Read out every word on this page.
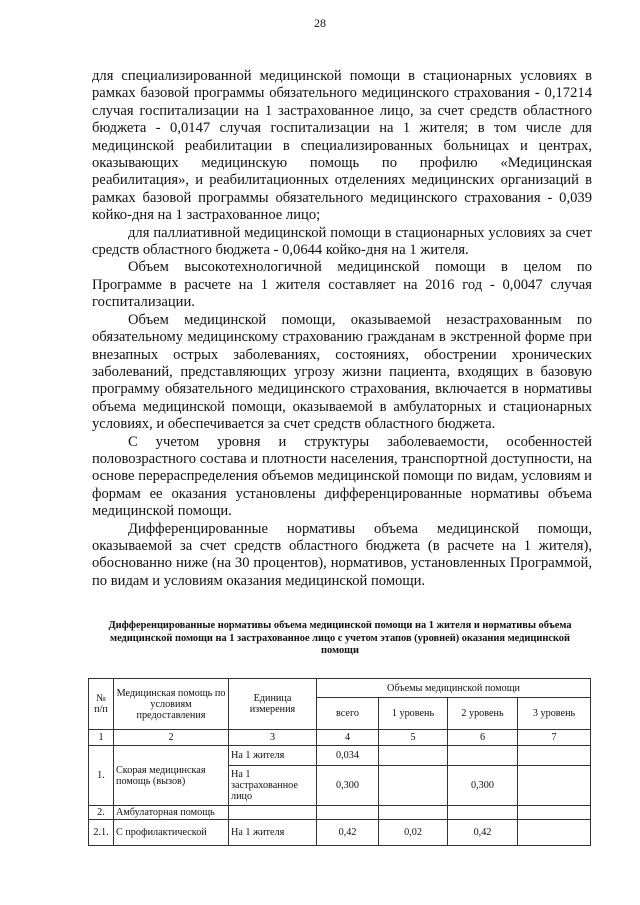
28

для специализированной медицинской помощи в стационарных условиях в рамках базовой программы обязательного медицинского страхования - 0,17214 случая госпитализации на 1 застрахованное лицо, за счет средств областного бюджета - 0,0147 случая госпитализации на 1 жителя; в том числе для медицинской реабилитации в специализированных больницах и центрах, оказывающих медицинскую помощь по профилю «Медицинская реабилитация», и реабилитационных отделениях медицинских организаций в рамках базовой программы обязательного медицинского страхования - 0,039 койко-дня на 1 застрахованное лицо;

для паллиативной медицинской помощи в стационарных условиях за счет средств областного бюджета - 0,0644 койко-дня на 1 жителя.

Объем высокотехнологичной медицинской помощи в целом по Программе в расчете на 1 жителя составляет на 2016 год - 0,0047 случая госпитализации.

Объем медицинской помощи, оказываемой незастрахованным по обязательному медицинскому страхованию гражданам в экстренной форме при внезапных острых заболеваниях, состояниях, обострении хронических заболеваний, представляющих угрозу жизни пациента, входящих в базовую программу обязательного медицинского страхования, включается в нормативы объема медицинской помощи, оказываемой в амбулаторных и стационарных условиях, и обеспечивается за счет средств областного бюджета.

С учетом уровня и структуры заболеваемости, особенностей половозрастного состава и плотности населения, транспортной доступности, на основе перераспределения объемов медицинской помощи по видам, условиям и формам ее оказания установлены дифференцированные нормативы объема медицинской помощи.

Дифференцированные нормативы объема медицинской помощи, оказываемой за счет средств областного бюджета (в расчете на 1 жителя), обоснованно ниже (на 30 процентов), нормативов, установленных Программой, по видам и условиям оказания медицинской помощи.

Дифференцированные нормативы объема медицинской помощи на 1 жителя и нормативы объема медицинской помощи на 1 застрахованное лицо с учетом этапов (уровней) оказания медицинской помощи
№ п/п	Медицинская помощь по условиям предоставления	Единица измерения	Объемы медицинской помощи			
			всего	1 уровень	2 уровень	3 уровень
1	2	3	4	5	6	7
1.	Скорая медицинская помощь (вызов)	На 1 жителя	0,034			
		На 1 застрахованное лицо	0,300		0,300	
2.	Амбулаторная помощь					
2.1.	С профилактической	На 1 жителя	0,42	0,02	0,42	
